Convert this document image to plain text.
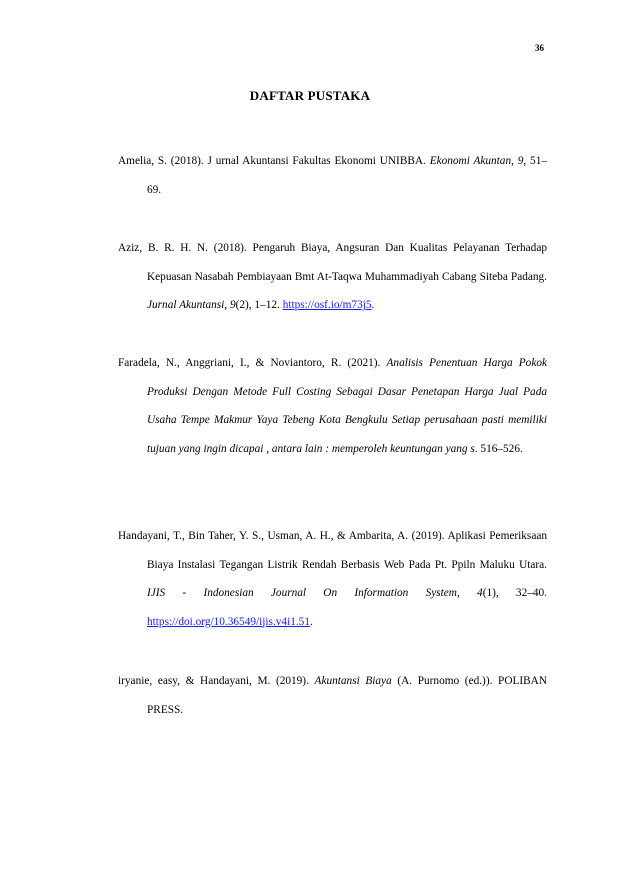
36
DAFTAR PUSTAKA

Amelia, S. (2018). J urnal Akuntansi Fakultas Ekonomi UNIBBA. Ekonomi Akuntan, 9, 51–69.

Aziz, B. R. H. N. (2018). Pengaruh Biaya, Angsuran Dan Kualitas Pelayanan Terhadap Kepuasan Nasabah Pembiayaan Bmt At-Taqwa Muhammadiyah Cabang Siteba Padang. Jurnal Akuntansi, 9(2), 1–12. https://osf.io/m73j5.

Faradela, N., Anggriani, I., & Noviantoro, R. (2021). Analisis Penentuan Harga Pokok Produksi Dengan Metode Full Costing Sebagai Dasar Penetapan Harga Jual Pada Usaha Tempe Makmur Yaya Tebeng Kota Bengkulu Setiap perusahaan pasti memiliki tujuan yang ingin dicapai , antara lain : memperoleh keuntungan yang s. 516–526.

Handayani, T., Bin Taher, Y. S., Usman, A. H., & Ambarita, A. (2019). Aplikasi Pemeriksaan Biaya Instalasi Tegangan Listrik Rendah Berbasis Web Pada Pt. Ppiln Maluku Utara. IJIS - Indonesian Journal On Information System, 4(1), 32–40. https://doi.org/10.36549/ijis.v4i1.51.

iryanie, easy, & Handayani, M. (2019). Akuntansi Biaya (A. Purnomo (ed.)). POLIBAN PRESS.
